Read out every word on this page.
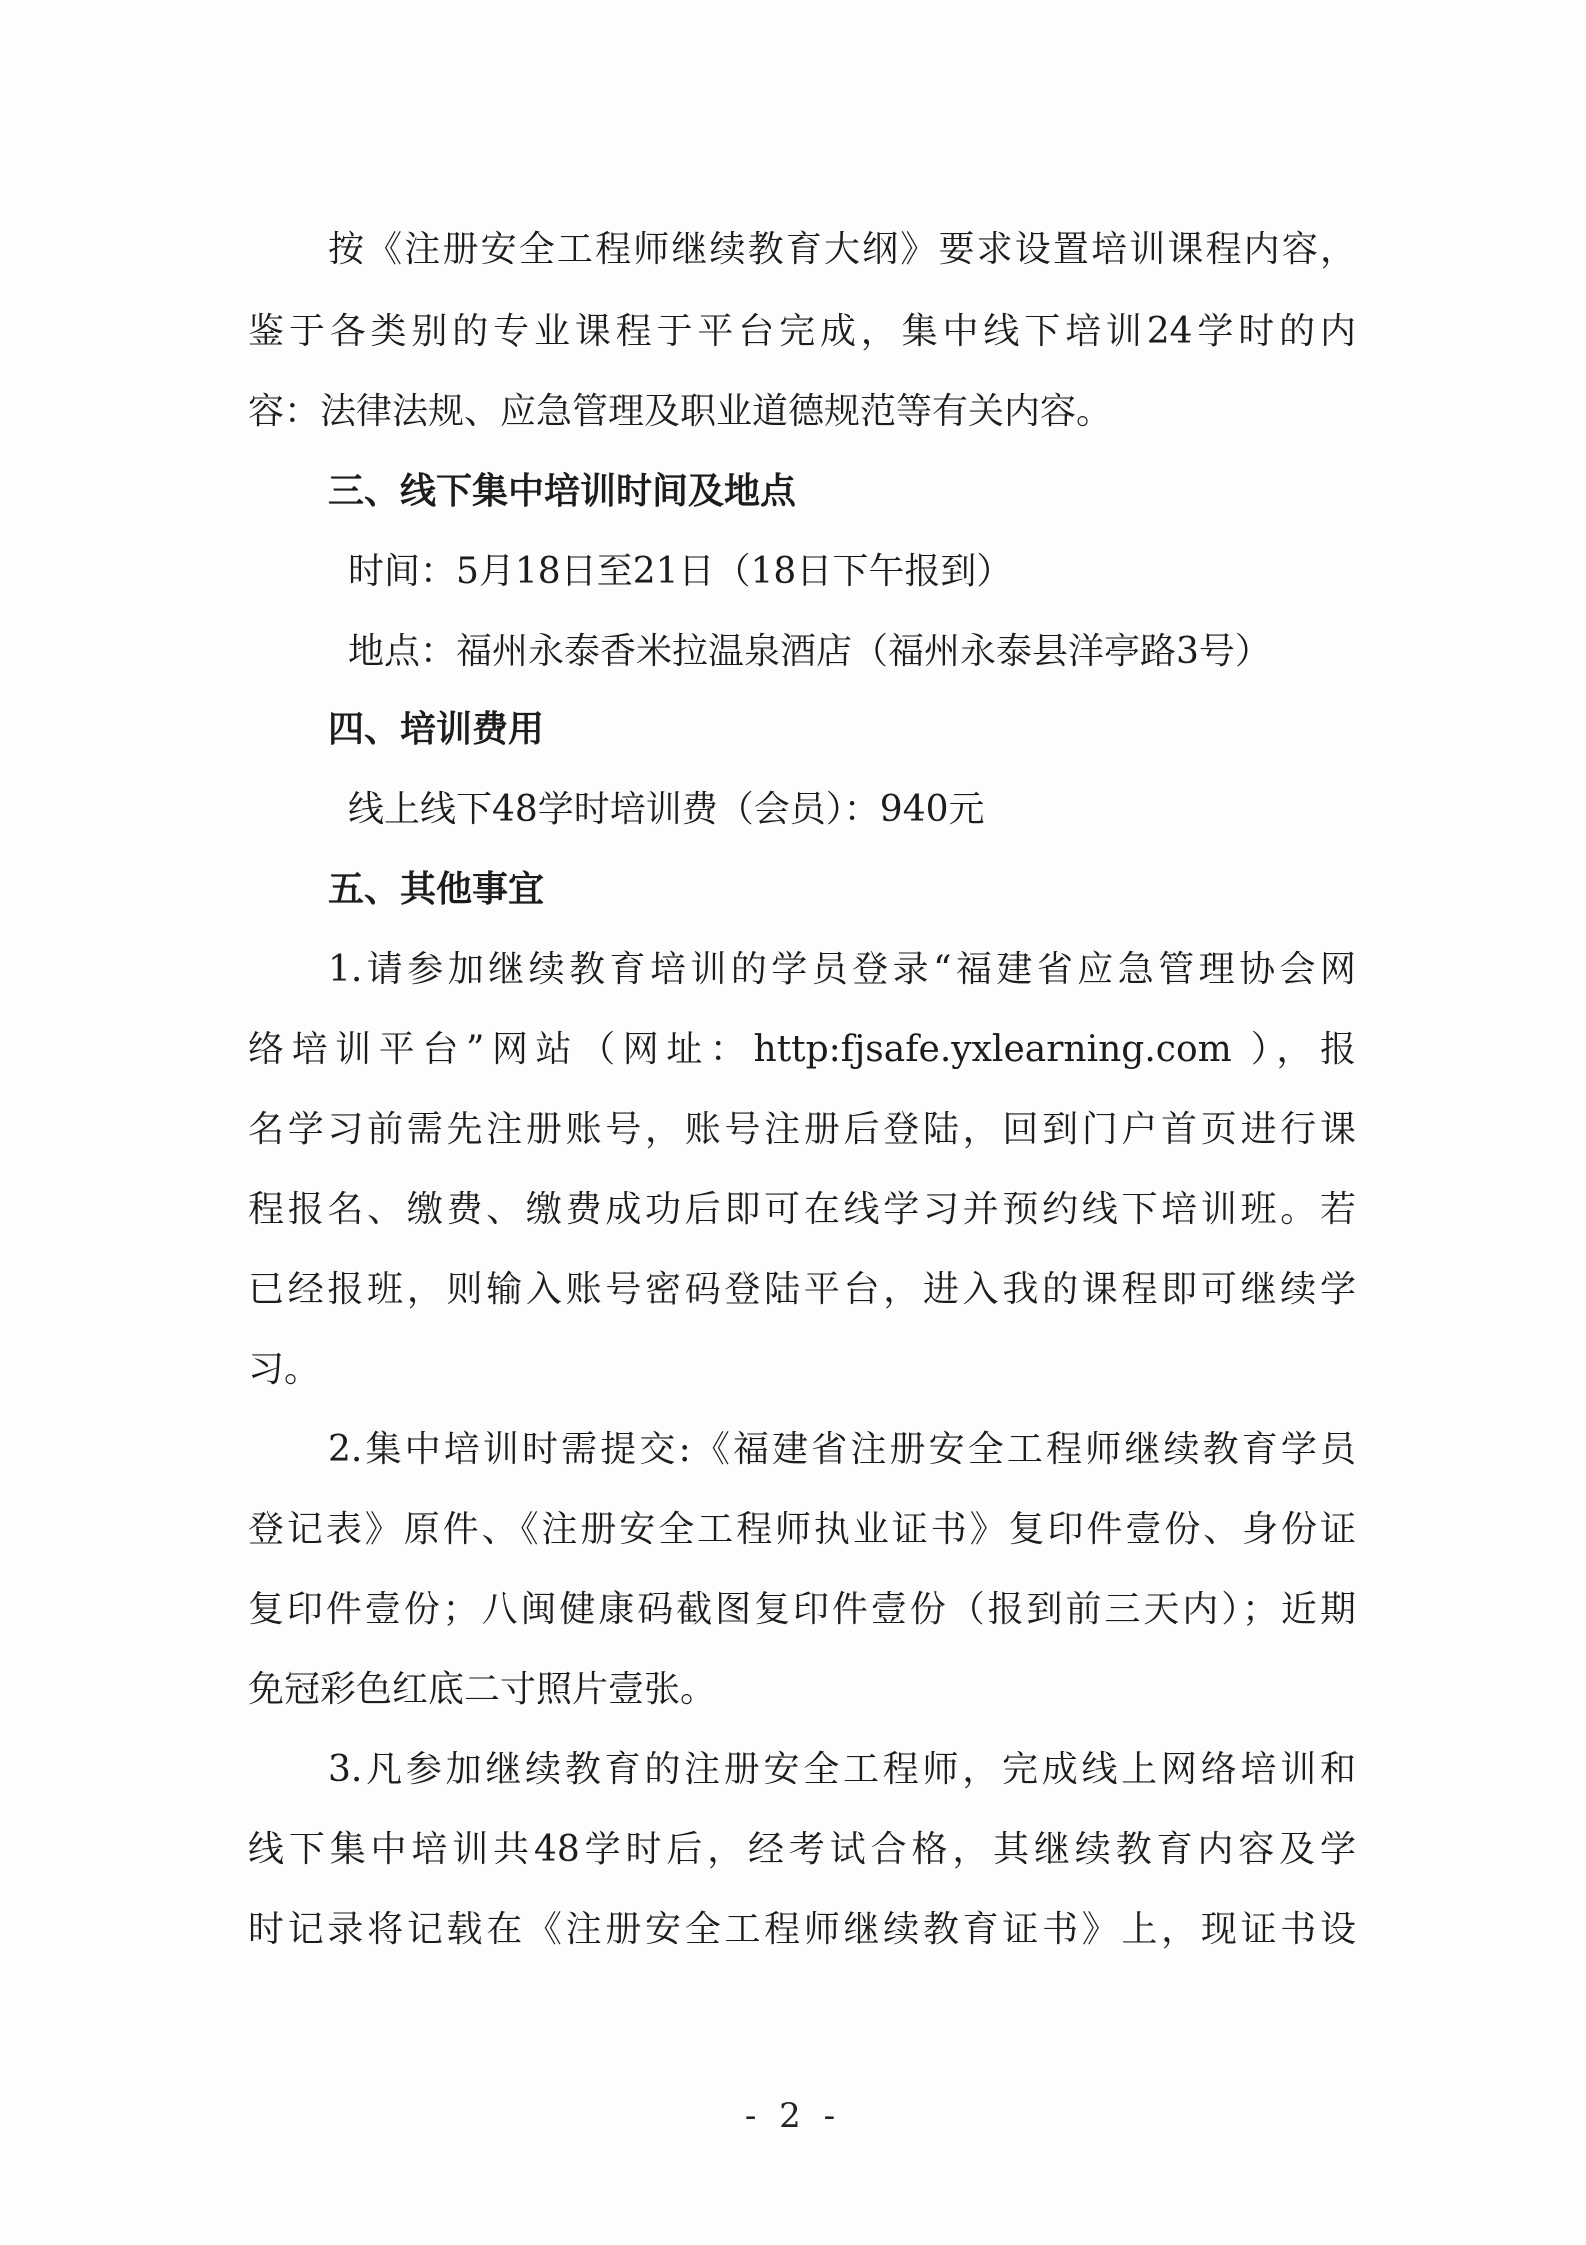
按《注册安全工程师继续教育大纲》要求设置培训课程内容，
鉴于各类别的专业课程于平台完成，集中线下培训24学时的内
容：法律法规、应急管理及职业道德规范等有关内容。
三、线下集中培训时间及地点
时间：5月18日至21日（18日下午报到）
地点：福州永泰香米拉温泉酒店（福州永泰县洋亭路3号）
四、培训费用
线上线下48学时培训费（会员）：940元
五、其他事宜
1.请参加继续教育培训的学员登录“福建省应急管理协会网
络培训平台”网站（网址：http:fjsafe.yxlearning.com ），报
名学习前需先注册账号，账号注册后登陆，回到门户首页进行课
程报名、缴费、缴费成功后即可在线学习并预约线下培训班。若
已经报班，则输入账号密码登陆平台，进入我的课程即可继续学
习。
2.集中培训时需提交:《福建省注册安全工程师继续教育学员
登记表》原件、《注册安全工程师执业证书》复印件壹份、身份证
复印件壹份；八闽健康码截图复印件壹份（报到前三天内）；近期
免冠彩色红底二寸照片壹张。
3.凡参加继续教育的注册安全工程师，完成线上网络培训和
线下集中培训共48学时后，经考试合格，其继续教育内容及学
时记录将记载在《注册安全工程师继续教育证书》上，现证书设
- 2 -
